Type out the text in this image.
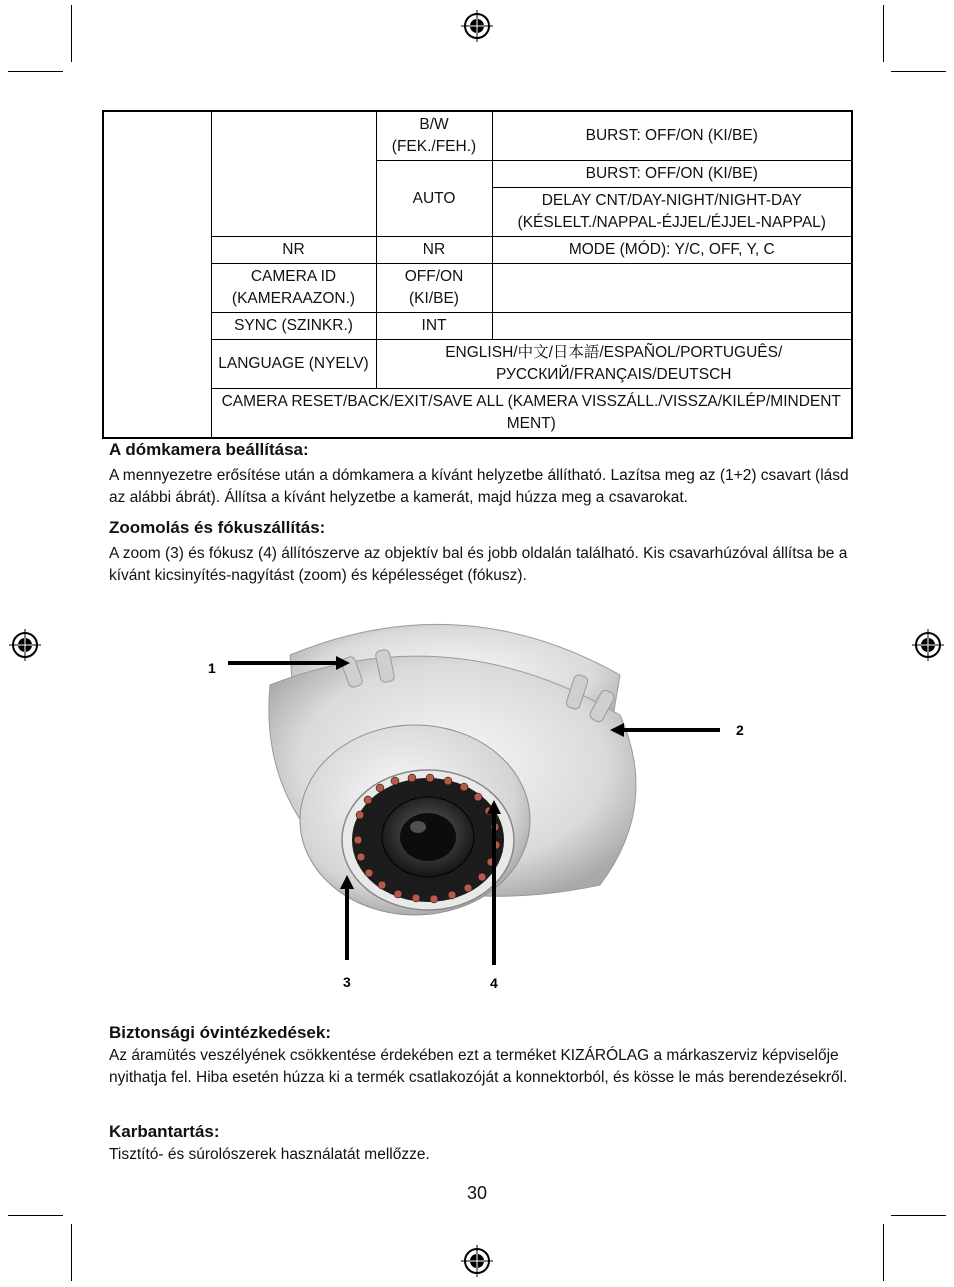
		B/W (FEK./FEH.)	BURST: OFF/ON (KI/BE)
		AUTO	BURST: OFF/ON (KI/BE)
			DELAY CNT/DAY-NIGHT/NIGHT-DAY (KÉSLELT./NAPPAL-ÉJJEL/ÉJJEL-NAPPAL)
	NR	NR	MODE (MÓD): Y/C, OFF, Y, C
	CAMERA ID (KAMERAAZON.)	OFF/ON (KI/BE)	
	SYNC (SZINKR.)	INT	
	LANGUAGE (NYELV)	ENGLISH/中文/日本語/ESPAÑOL/PORTUGUÊS/ РУССКИЙ/FRANÇAIS/DEUTSCH	
	CAMERA RESET/BACK/EXIT/SAVE ALL (KAMERA VISSZÁLL./VISSZA/KILÉP/MINDENT MENT)		

A dómkamera beállítása:

A mennyezetre erősítése után a dómkamera a kívánt helyzetbe állítható. Lazítsa meg az (1+2) csavart (lásd az alábbi ábrát). Állítsa a kívánt helyzetbe a kamerát, majd húzza meg a csavarokat.

Zoomolás és fókuszállítás:

A zoom (3) és fókusz (4) állítószerve az objektív bal és jobb oldalán található. Kis csavarhúzóval állítsa be a kívánt kicsinyítés-nagyítást (zoom) és képélességet (fókusz).

1
2
3	4

Biztonsági óvintézkedések:

Az áramütés veszélyének csökkentése érdekében ezt a terméket KIZÁRÓLAG a márkaszerviz képviselője nyithatja fel. Hiba esetén húzza ki a termék csatlakozóját a konnektorból, és kösse le más berendezésekről.

Karbantartás:

Tisztító- és súrolószerek használatát mellőzze.

30
